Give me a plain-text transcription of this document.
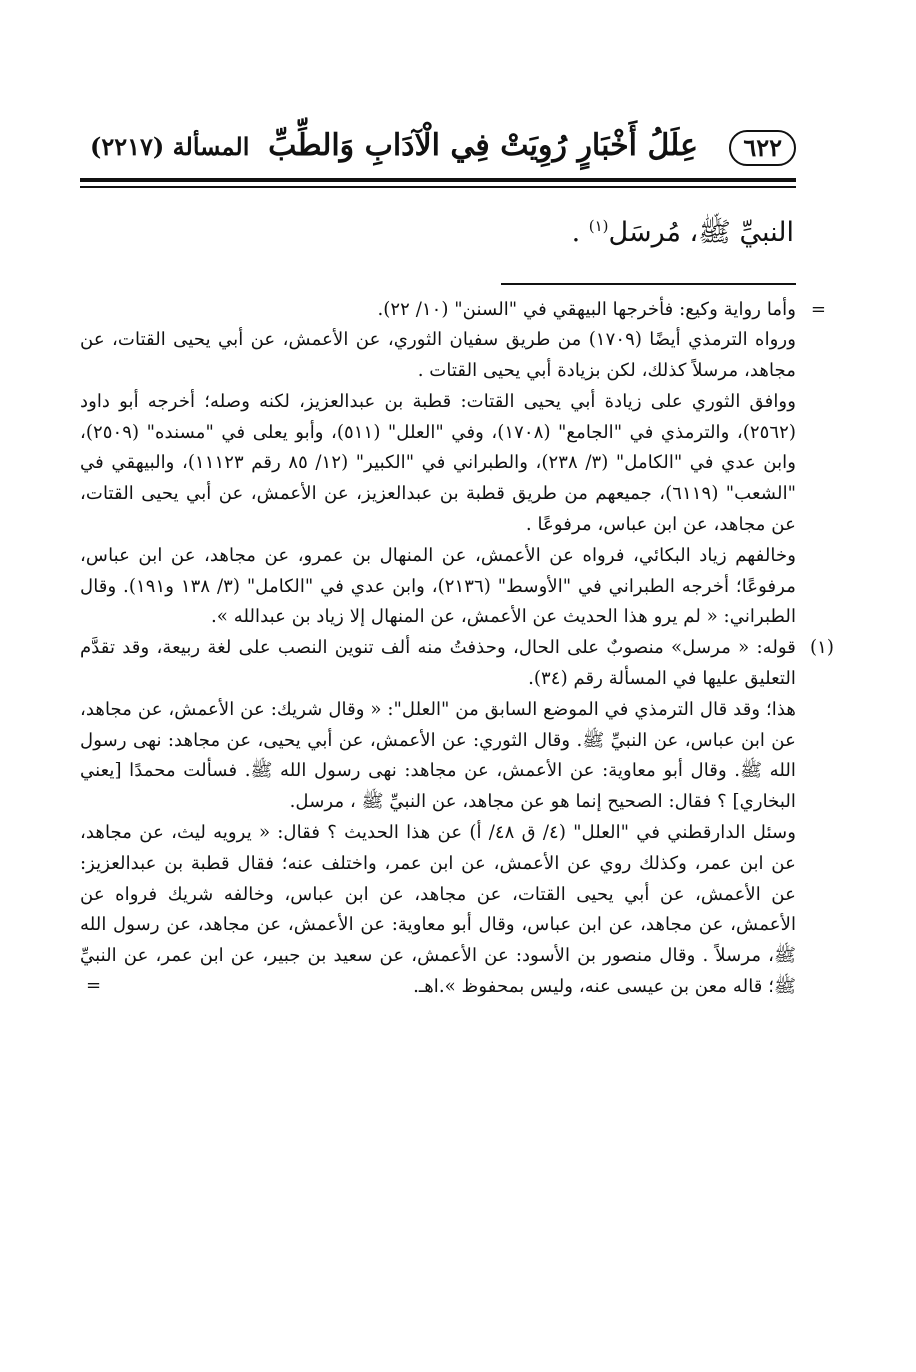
٦٢٢
عِلَلُ أَخْبَارٍ رُوِيَتْ فِي الْآدَابِ وَالطِّبِّ
المسألة (٢٢١٧)
النبيِّ ﷺ، مُرسَل$^{(١)}$ .
= وأما رواية وكيع: فأخرجها البيهقي في "السنن" (١٠/ ٢٢).
ورواه الترمذي أيضًا (١٧٠٩) من طريق سفيان الثوري، عن الأعمش، عن أبي يحيى القتات، عن مجاهد، مرسلاً كذلك، لكن بزيادة أبي يحيى القتات .
ووافق الثوري على زيادة أبي يحيى القتات: قطبة بن عبدالعزيز، لكنه وصله؛ أخرجه أبو داود (٢٥٦٢)، والترمذي في "الجامع" (١٧٠٨)، وفي "العلل" (٥١١)، وأبو يعلى في "مسنده" (٢٥٠٩)، وابن عدي في "الكامل" (٣/ ٢٣٨)، والطبراني في "الكبير" (١٢/ ٨٥ رقم ١١١٢٣)، والبيهقي في "الشعب" (٦١١٩)، جميعهم من طريق قطبة بن عبدالعزيز، عن الأعمش، عن أبي يحيى القتات، عن مجاهد، عن ابن عباس، مرفوعًا .
وخالفهم زياد البكائي، فرواه عن الأعمش، عن المنهال بن عمرو، عن مجاهد، عن ابن عباس، مرفوعًا؛ أخرجه الطبراني في "الأوسط" (٢١٣٦)، وابن عدي في "الكامل" (٣/ ١٣٨ و١٩١). وقال الطبراني: « لم يرو هذا الحديث عن الأعمش، عن المنهال إلا زياد بن عبدالله ».
(١)
قوله: « مرسل» منصوبٌ على الحال، وحذفتُ منه ألف تنوين النصب على لغة ربيعة، وقد تقدَّم التعليق عليها في المسألة رقم (٣٤).
هذا؛ وقد قال الترمذي في الموضع السابق من "العلل": « وقال شريك: عن الأعمش، عن مجاهد، عن ابن عباس، عن النبيِّ ﷺ. وقال الثوري: عن الأعمش، عن أبي يحيى، عن مجاهد: نهى رسول الله ﷺ. وقال أبو معاوية: عن الأعمش، عن مجاهد: نهى رسول الله ﷺ. فسألت محمدًا [يعني البخاري] ؟ فقال: الصحيح إنما هو عن مجاهد، عن النبيِّ ﷺ ، مرسل.
وسئل الدارقطني في "العلل" (٤/ ق ٤٨/ أ) عن هذا الحديث ؟ فقال: « يرويه ليث، عن مجاهد، عن ابن عمر، وكذلك روي عن الأعمش، عن ابن عمر، واختلف عنه؛ فقال قطبة بن عبدالعزيز: عن الأعمش، عن أبي يحيى القتات، عن مجاهد، عن ابن عباس، وخالفه شريك فرواه عن الأعمش، عن مجاهد، عن ابن عباس، وقال أبو معاوية: عن الأعمش، عن مجاهد، عن رسول الله ﷺ، مرسلاً . وقال منصور بن الأسود: عن الأعمش، عن سعيد بن جبير، عن ابن عمر، عن النبيِّ ﷺ؛ قاله معن بن عيسى عنه، وليس بمحفوظ ».اهـ.
=
